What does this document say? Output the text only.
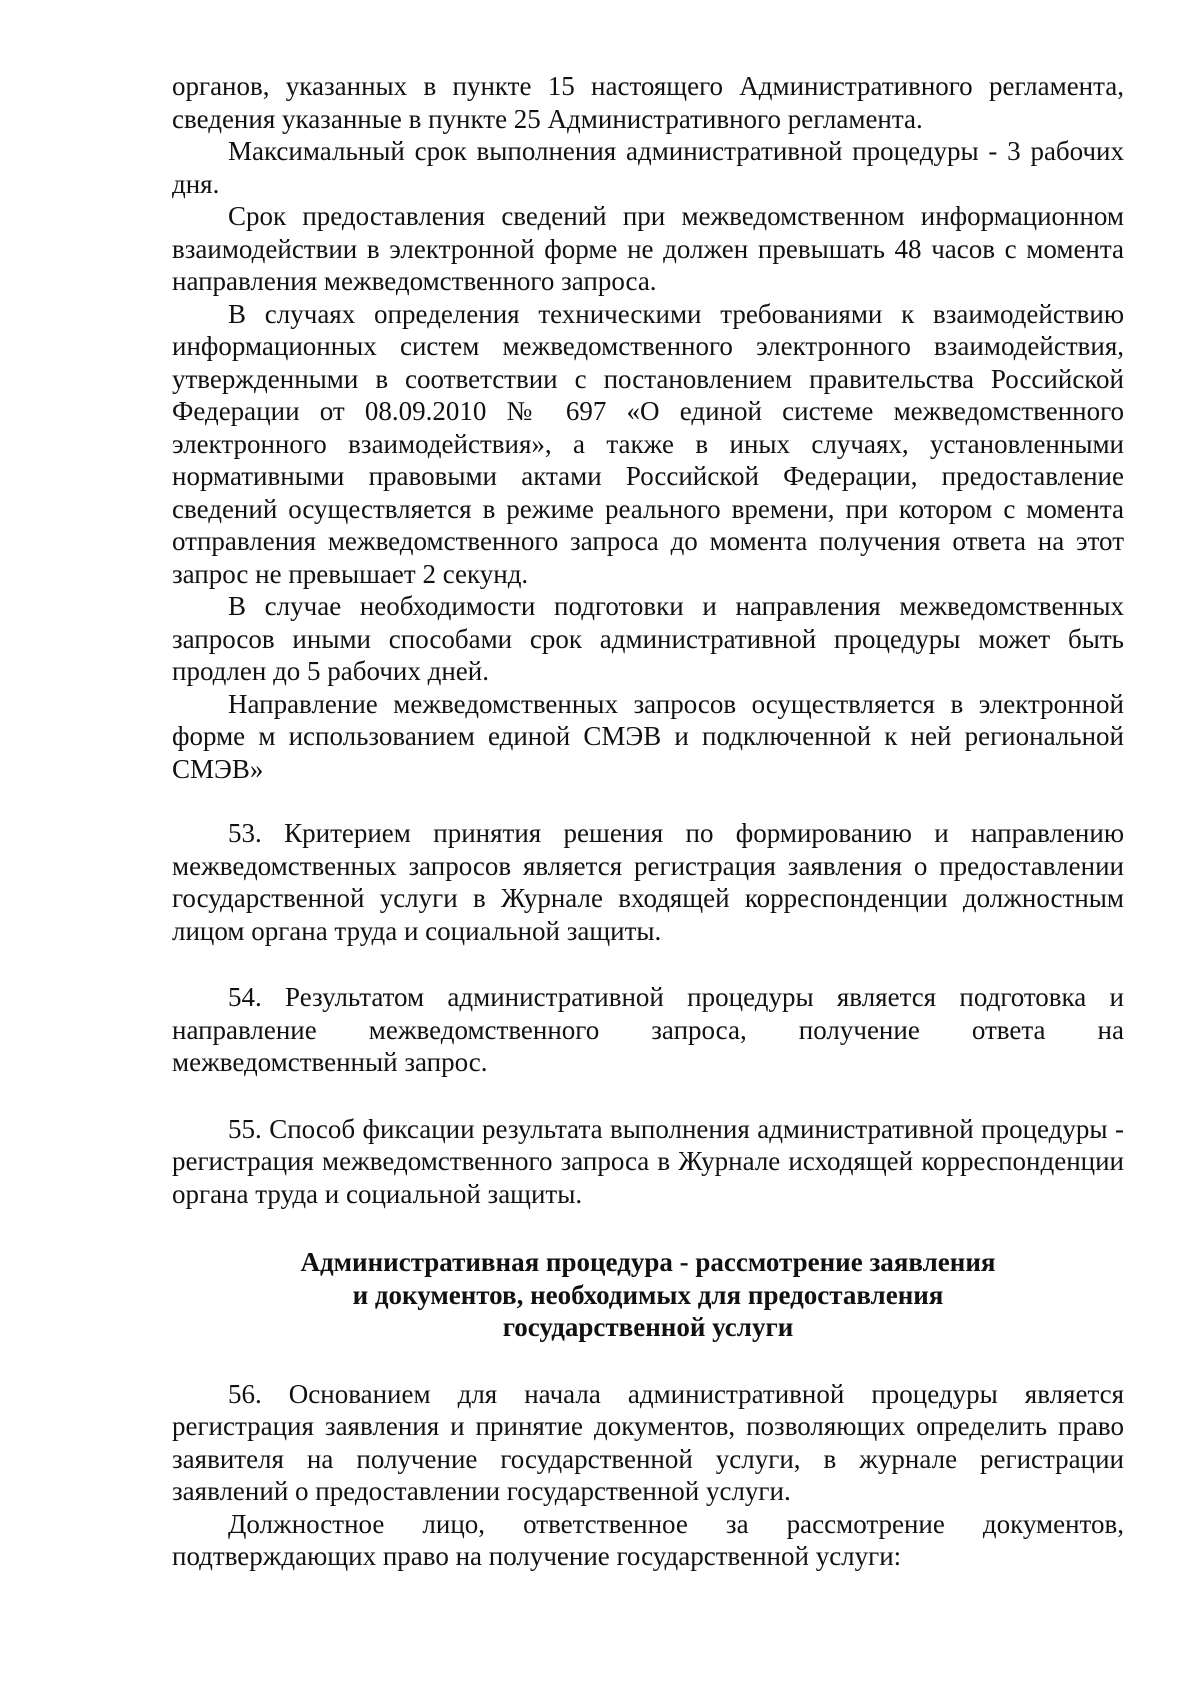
органов, указанных в пункте 15 настоящего Административного регламента, сведения указанные в пункте 25 Административного регламента.

Максимальный срок выполнения административной процедуры - 3 рабочих дня.

Срок предоставления сведений при межведомственном информационном взаимодействии в электронной форме не должен превышать 48 часов с момента направления межведомственного запроса.

В случаях определения техническими требованиями к взаимодействию информационных систем межведомственного электронного взаимодействия, утвержденными в соответствии с постановлением правительства Российской Федерации от 08.09.2010 № 697 «О единой системе межведомственного электронного взаимодействия», а также в иных случаях, установленными нормативными правовыми актами Российской Федерации, предоставление сведений осуществляется в режиме реального времени, при котором с момента отправления межведомственного запроса до момента получения ответа на этот запрос не превышает 2 секунд.

В случае необходимости подготовки и направления межведомственных запросов иными способами срок административной процедуры может быть продлен до 5 рабочих дней.

Направление межведомственных запросов осуществляется в электронной форме м использованием единой СМЭВ и подключенной к ней региональной СМЭВ»

53. Критерием принятия решения по формированию и направлению межведомственных запросов является регистрация заявления о предоставлении государственной услуги в Журнале входящей корреспонденции должностным лицом органа труда и социальной защиты.

54. Результатом административной процедуры является подготовка и направление межведомственного запроса, получение ответа на межведомственный запрос.

55. Способ фиксации результата выполнения административной процедуры - регистрация межведомственного запроса в Журнале исходящей корреспонденции органа труда и социальной защиты.

Административная процедура - рассмотрение заявления
и документов, необходимых для предоставления
государственной услуги

56. Основанием для начала административной процедуры является регистрация заявления и принятие документов, позволяющих определить право заявителя на получение государственной услуги, в журнале регистрации заявлений о предоставлении государственной услуги.

Должностное лицо, ответственное за рассмотрение документов, подтверждающих право на получение государственной услуги:
